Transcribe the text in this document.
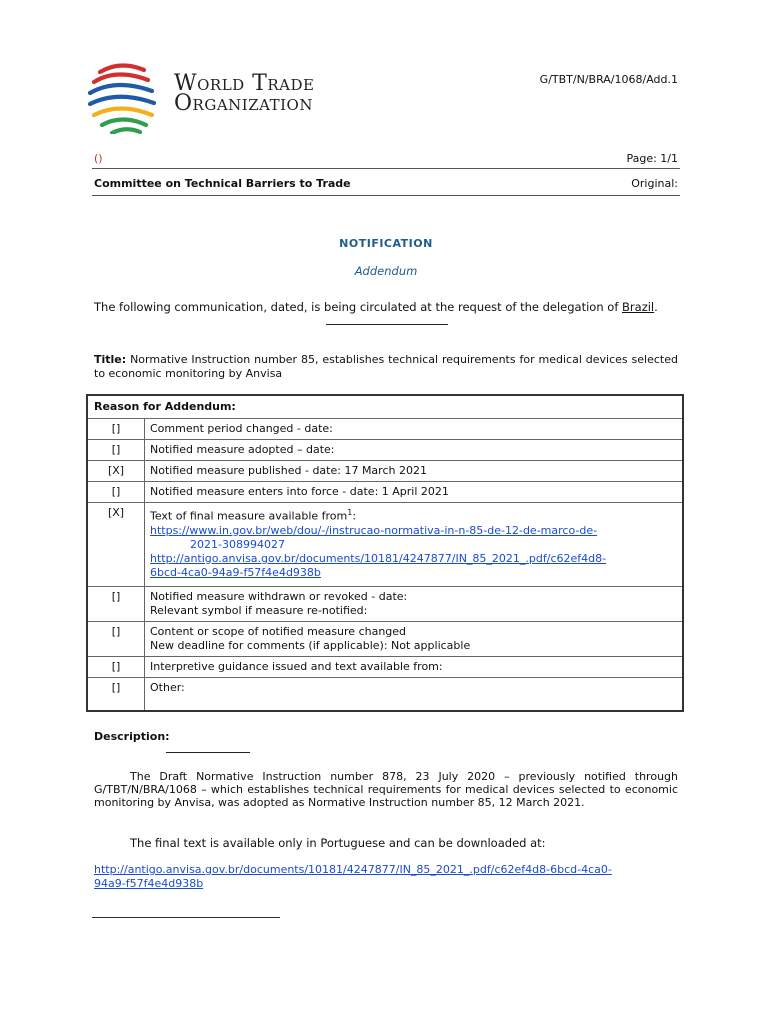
World Trade
Organization
G/TBT/N/BRA/1068/Add.1
()	Page: 1/1
Committee on Technical Barriers to Trade	Original:
NOTIFICATION
Addendum
The following communication, dated, is being circulated at the request of the delegation of Brazil.
Title: Normative Instruction number 85, establishes technical requirements for medical devices selected to economic monitoring by Anvisa
Reason for Addendum:	
[]	Comment period changed - date:
[]	Notified measure adopted – date:
[X]	Notified measure published - date: 17 March 2021
[]	Notified measure enters into force - date: 1 April 2021
[X]	Text of final measure available from$^1$:
https://www.in.gov.br/web/dou/-/instrucao-normativa-in-n-85-de-12-de-marco-de-
2021-308994027
http://antigo.anvisa.gov.br/documents/10181/4247877/IN_85_2021_.pdf/c62ef4d8-
6bcd-4ca0-94a9-f57f4e4d938b
[]	Notified measure withdrawn or revoked - date:
Relevant symbol if measure re-notified:
[]	Content or scope of notified measure changed
New deadline for comments (if applicable): Not applicable
[]	Interpretive guidance issued and text available from:
[]	Other:
Description:
The Draft Normative Instruction number 878, 23 July 2020 – previously notified through G/TBT/N/BRA/1068 – which establishes technical requirements for medical devices selected to economic monitoring by Anvisa, was adopted as Normative Instruction number 85, 12 March 2021.
The final text is available only in Portuguese and can be downloaded at:
http://antigo.anvisa.gov.br/documents/10181/4247877/IN_85_2021_.pdf/c62ef4d8-6bcd-4ca0-
94a9-f57f4e4d938b
